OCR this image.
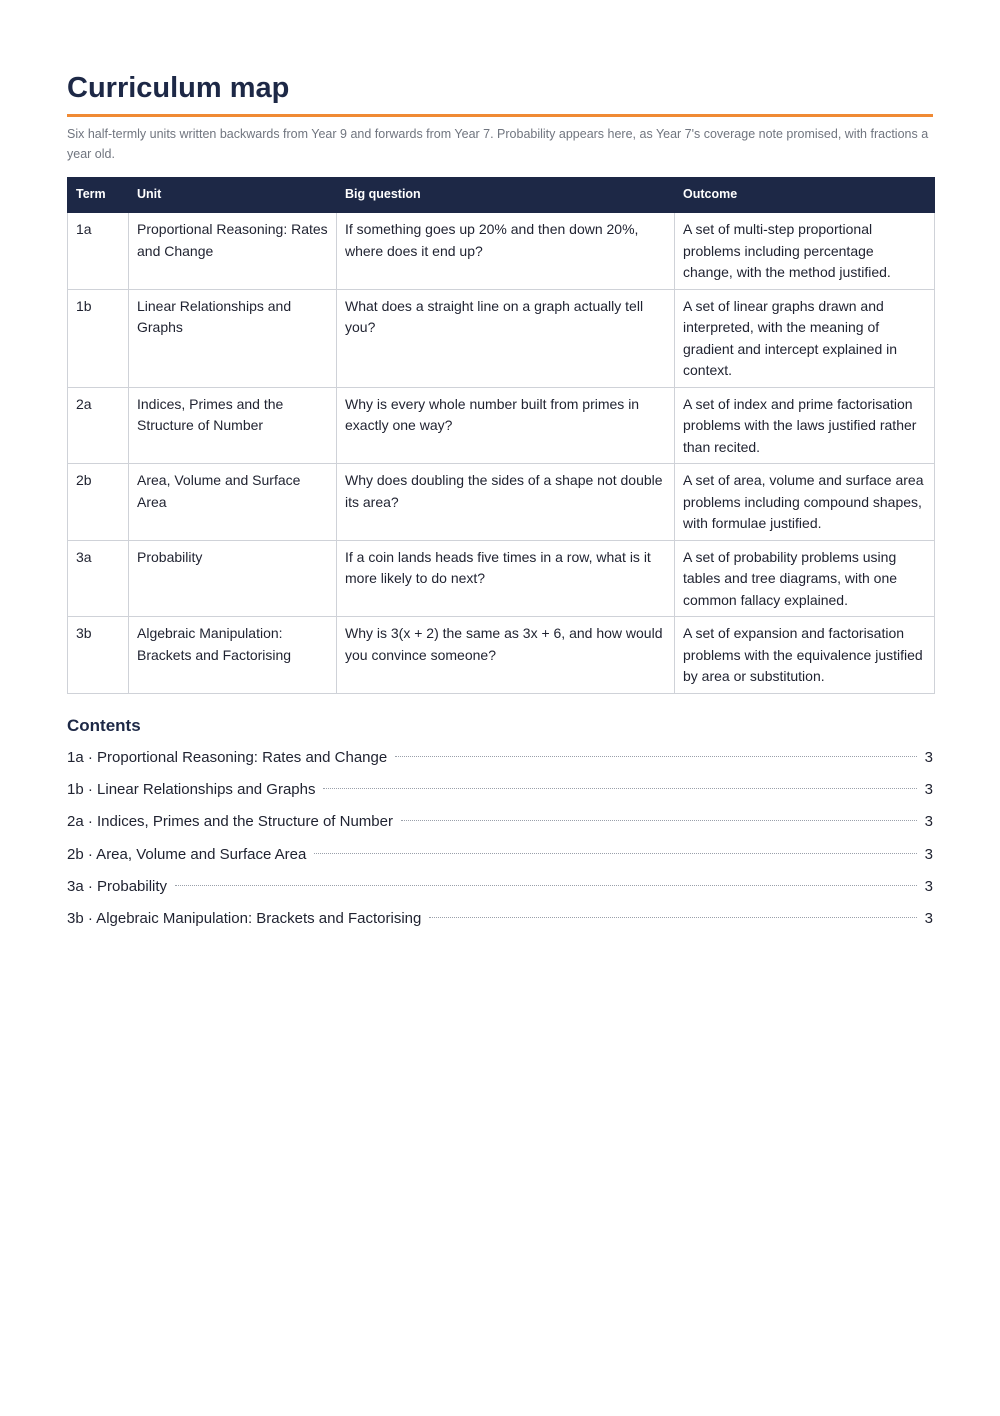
Curriculum map

Six half-termly units written backwards from Year 9 and forwards from Year 7. Probability appears here, as Year 7's coverage note promised, with fractions a year old.

Term	Unit	Big question	Outcome
1a	Proportional Reasoning: Rates and Change	If something goes up 20% and then down 20%, where does it end up?	A set of multi-step proportional problems including percentage change, with the method justified.
1b	Linear Relationships and Graphs	What does a straight line on a graph actually tell you?	A set of linear graphs drawn and interpreted, with the meaning of gradient and intercept explained in context.
2a	Indices, Primes and the Structure of Number	Why is every whole number built from primes in exactly one way?	A set of index and prime factorisation problems with the laws justified rather than recited.
2b	Area, Volume and Surface Area	Why does doubling the sides of a shape not double its area?	A set of area, volume and surface area problems including compound shapes, with formulae justified.
3a	Probability	If a coin lands heads five times in a row, what is it more likely to do next?	A set of probability problems using tables and tree diagrams, with one common fallacy explained.
3b	Algebraic Manipulation: Brackets and Factorising	Why is 3(x + 2) the same as 3x + 6, and how would you convince someone?	A set of expansion and factorisation problems with the equivalence justified by area or substitution.
Contents
1a · Proportional Reasoning: Rates and Change	3
1b · Linear Relationships and Graphs	3
2a · Indices, Primes and the Structure of Number	3
2b · Area, Volume and Surface Area	3
3a · Probability	3
3b · Algebraic Manipulation: Brackets and Factorising	3
